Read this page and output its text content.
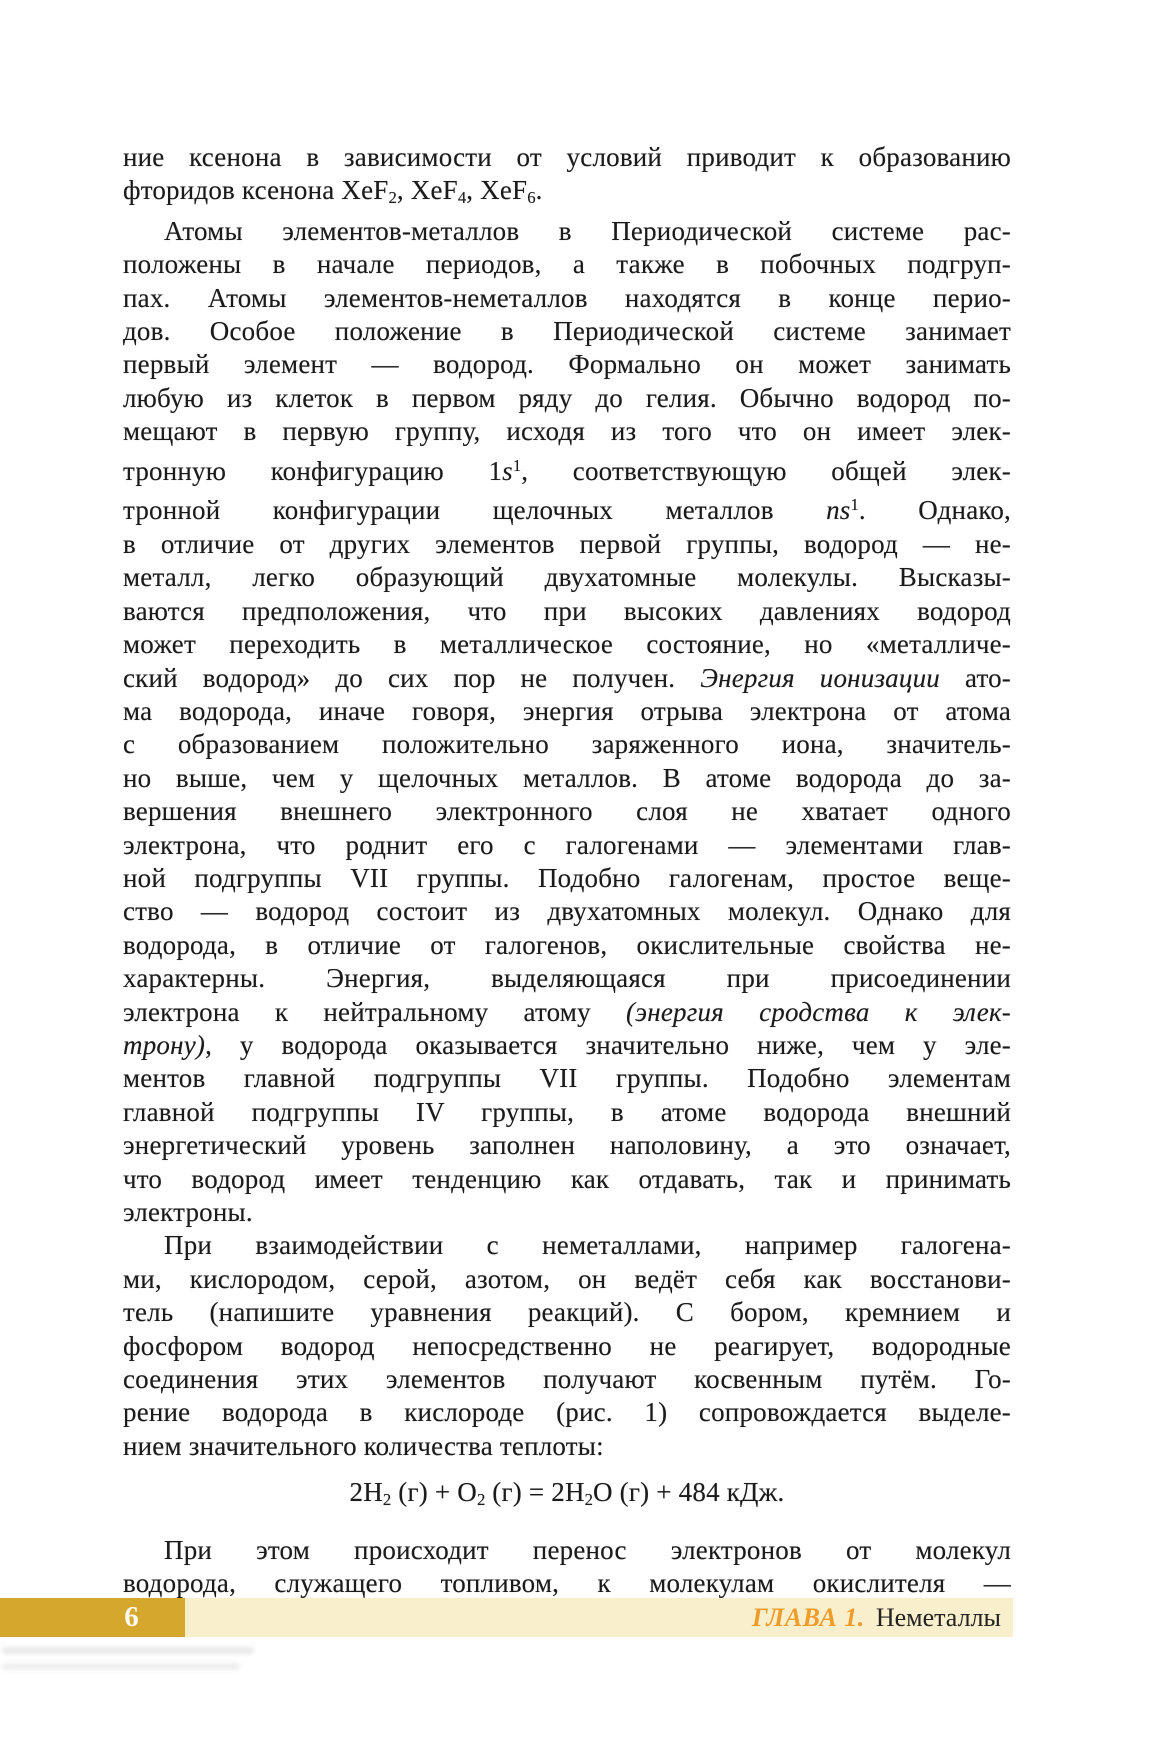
ние ксенона в зависимости от условий приводит к образованию
фторидов ксенона XeF$_2$, XeF$_4$, XeF$_6$.
Атомы элементов-металлов в Периодической системе рас-
положены в начале периодов, а также в побочных подгруп-
пах. Атомы элементов-неметаллов находятся в конце перио-
дов. Особое положение в Периодической системе занимает
первый элемент — водород. Формально он может занимать
любую из клеток в первом ряду до гелия. Обычно водород по-
мещают в первую группу, исходя из того что он имеет элек-
тронную конфигурацию $1s^1$, соответствующую общей элек-
тронной конфигурации щелочных металлов $ns^1$. Однако,
в отличие от других элементов первой группы, водород — не-
металл, легко образующий двухатомные молекулы. Высказы-
ваются предположения, что при высоких давлениях водород
может переходить в металлическое состояние, но «металличе-
ский водород» до сих пор не получен. Энергия ионизации ато-
ма водорода, иначе говоря, энергия отрыва электрона от атома
с образованием положительно заряженного иона, значитель-
но выше, чем у щелочных металлов. В атоме водорода до за-
вершения внешнего электронного слоя не хватает одного
электрона, что роднит его с галогенами — элементами глав-
ной подгруппы VII группы. Подобно галогенам, простое веще-
ство — водород состоит из двухатомных молекул. Однако для
водорода, в отличие от галогенов, окислительные свойства не-
характерны. Энергия, выделяющаяся при присоединении
электрона к нейтральному атому (энергия сродства к элек-
трону), у водорода оказывается значительно ниже, чем у эле-
ментов главной подгруппы VII группы. Подобно элементам
главной подгруппы IV группы, в атоме водорода внешний
энергетический уровень заполнен наполовину, а это означает,
что водород имеет тенденцию как отдавать, так и принимать
электроны.
При взаимодействии с неметаллами, например галогена-
ми, кислородом, серой, азотом, он ведёт себя как восстанови-
тель (напишите уравнения реакций). С бором, кремнием и
фосфором водород непосредственно не реагирует, водородные
соединения этих элементов получают косвенным путём. Го-
рение водорода в кислороде (рис. 1) сопровождается выделе-
нием значительного количества теплоты:
$2H_2$ $(г) + O_2$ $(г) = 2H_2O$ (г) + 484 кДж.
При этом происходит перенос электронов от молекул
водорода, служащего топливом, к молекулам окислителя —
6	ГЛАВА 1. Неметаллы
